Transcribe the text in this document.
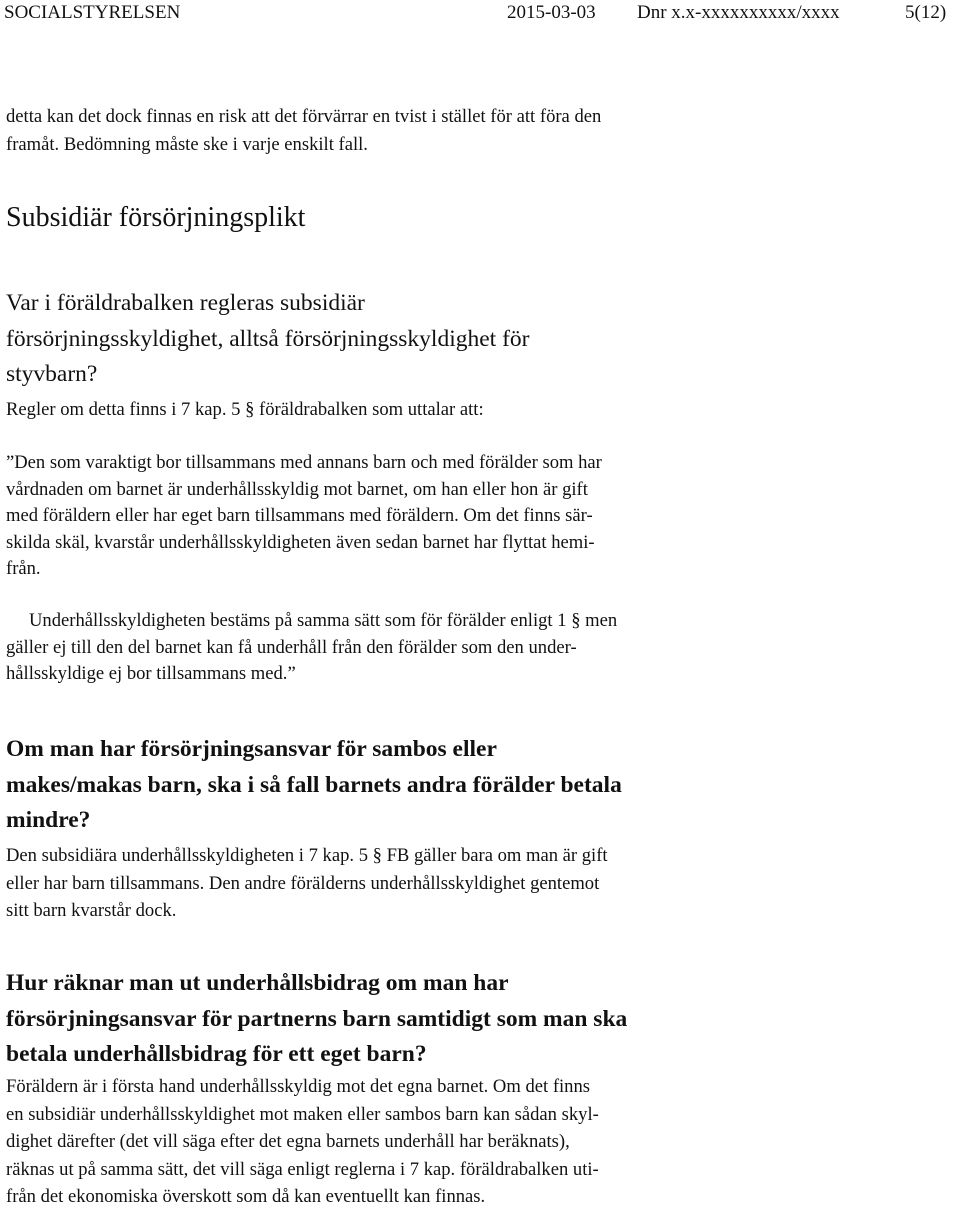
SOCIALSTYRELSEN	2015-03-03 Dnr x.x-xxxxxxxxxx/xxxx	5(12)

detta kan det dock finnas en risk att det förvärrar en tvist i stället för att föra den
framåt. Bedömning måste ske i varje enskilt fall.

Subsidiär försörjningsplikt
Var i föräldrabalken regleras subsidiär
försörjningsskyldighet, alltså försörjningsskyldighet för
styvbarn?

Regler om detta finns i 7 kap. 5 § föräldrabalken som uttalar att:

”Den som varaktigt bor tillsammans med annans barn och med förälder som har
vårdnaden om barnet är underhållsskyldig mot barnet, om han eller hon är gift
med föräldern eller har eget barn tillsammans med föräldern. Om det finns sär-
skilda skäl, kvarstår underhållsskyldigheten även sedan barnet har flyttat hemi-
från.

Underhållsskyldigheten bestäms på samma sätt som för förälder enligt 1 § men
gäller ej till den del barnet kan få underhåll från den förälder som den under-
hållsskyldige ej bor tillsammans med.”

Om man har försörjningsansvar för sambos eller
makes/makas barn, ska i så fall barnets andra förälder betala
mindre?

Den subsidiära underhållsskyldigheten i 7 kap. 5 § FB gäller bara om man är gift
eller har barn tillsammans. Den andre förälderns underhållsskyldighet gentemot
sitt barn kvarstår dock.

Hur räknar man ut underhållsbidrag om man har
försörjningsansvar för partnerns barn samtidigt som man ska
betala underhållsbidrag för ett eget barn?

Föräldern är i första hand underhållsskyldig mot det egna barnet. Om det finns
en subsidiär underhållsskyldighet mot maken eller sambos barn kan sådan skyl-
dighet därefter (det vill säga efter det egna barnets underhåll har beräknats),
räknas ut på samma sätt, det vill säga enligt reglerna i 7 kap. föräldrabalken uti-
från det ekonomiska överskott som då kan eventuellt kan finnas.
